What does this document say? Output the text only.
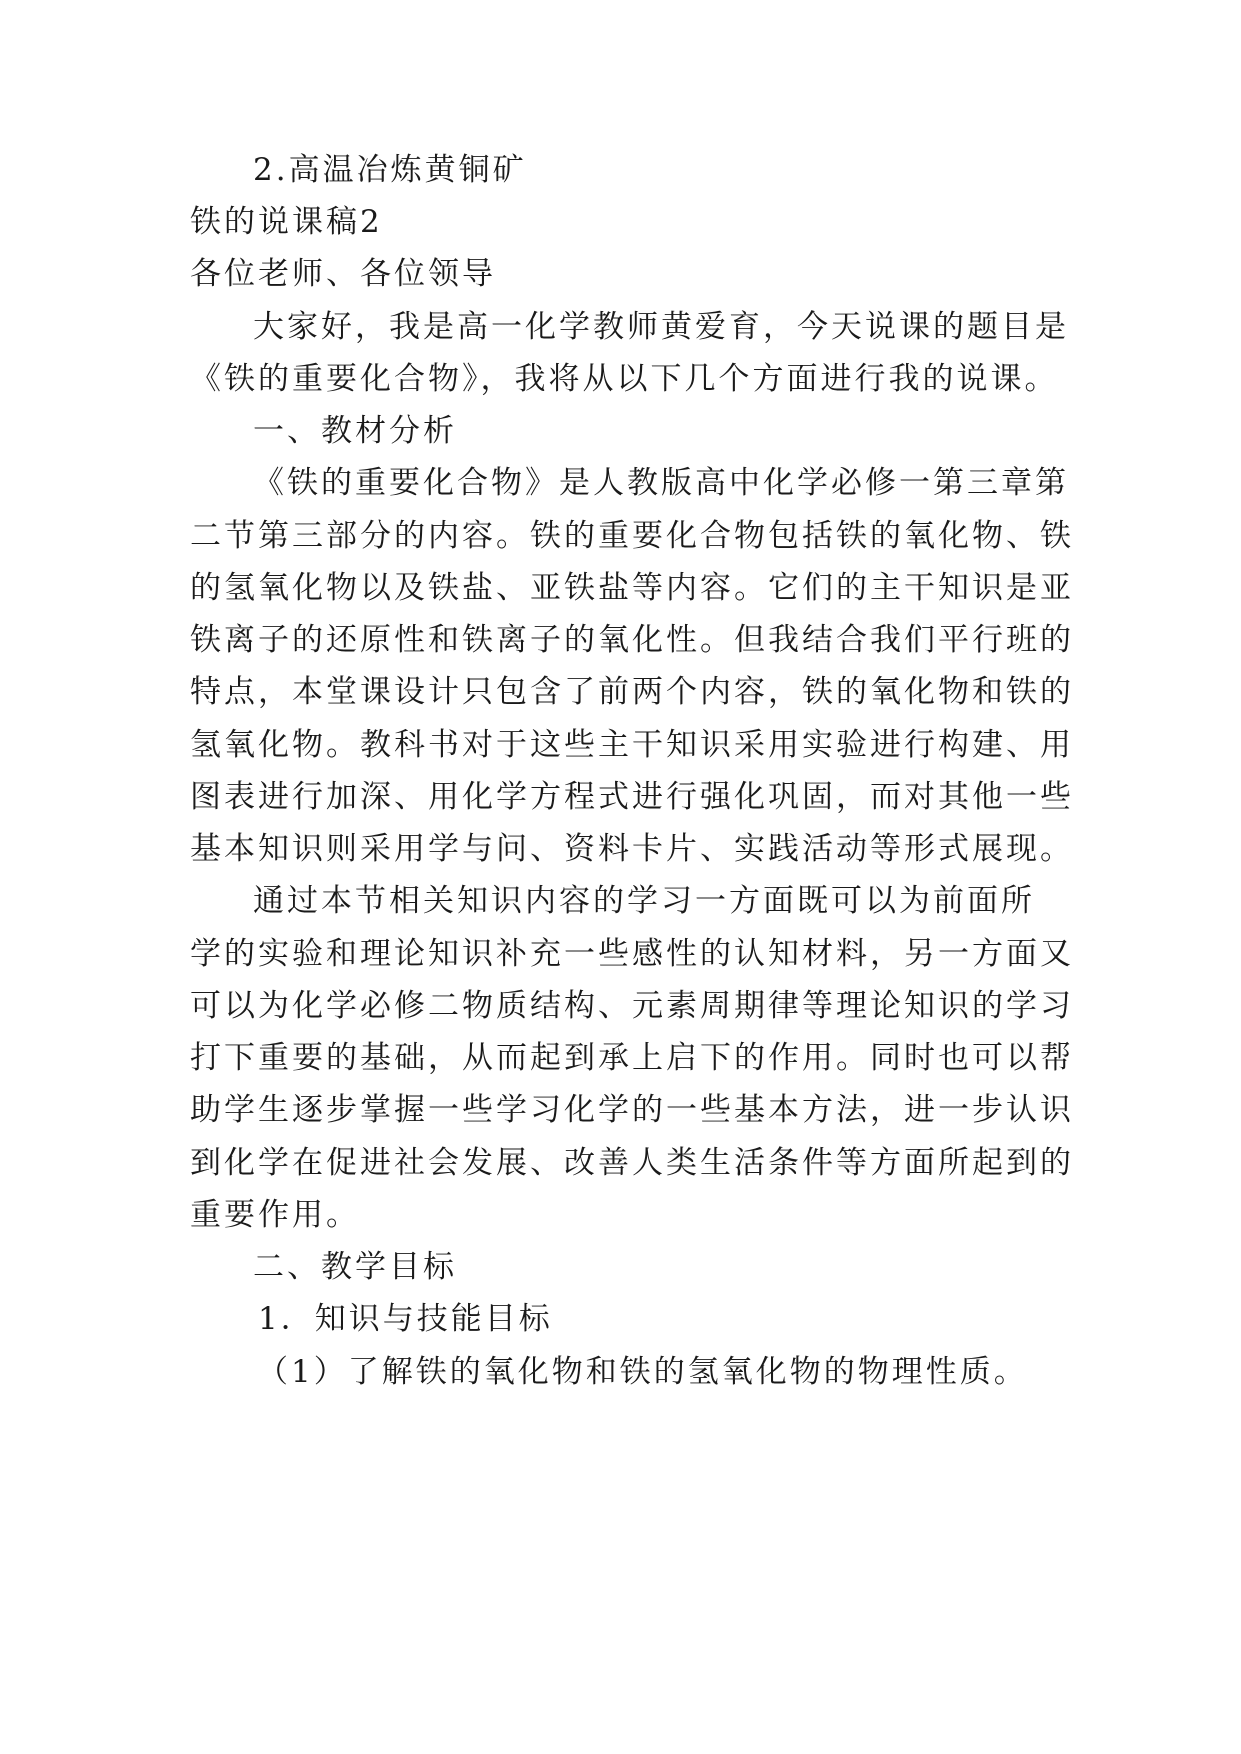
2.高温冶炼黄铜矿
铁的说课稿2
各位老师、各位领导
大家好，我是高一化学教师黄爱育，今天说课的题目是
《铁的重要化合物》，我将从以下几个方面进行我的说课。
一、教材分析
《铁的重要化合物》是人教版高中化学必修一第三章第
二节第三部分的内容。铁的重要化合物包括铁的氧化物、铁
的氢氧化物以及铁盐、亚铁盐等内容。它们的主干知识是亚
铁离子的还原性和铁离子的氧化性。但我结合我们平行班的
特点，本堂课设计只包含了前两个内容，铁的氧化物和铁的
氢氧化物。教科书对于这些主干知识采用实验进行构建、用
图表进行加深、用化学方程式进行强化巩固，而对其他一些
基本知识则采用学与问、资料卡片、实践活动等形式展现。
通过本节相关知识内容的学习一方面既可以为前面所
学的实验和理论知识补充一些感性的认知材料，另一方面又
可以为化学必修二物质结构、元素周期律等理论知识的学习
打下重要的基础，从而起到承上启下的作用。同时也可以帮
助学生逐步掌握一些学习化学的一些基本方法，进一步认识
到化学在促进社会发展、改善人类生活条件等方面所起到的
重要作用。
二、教学目标
1．知识与技能目标
（1）了解铁的氧化物和铁的氢氧化物的物理性质。
